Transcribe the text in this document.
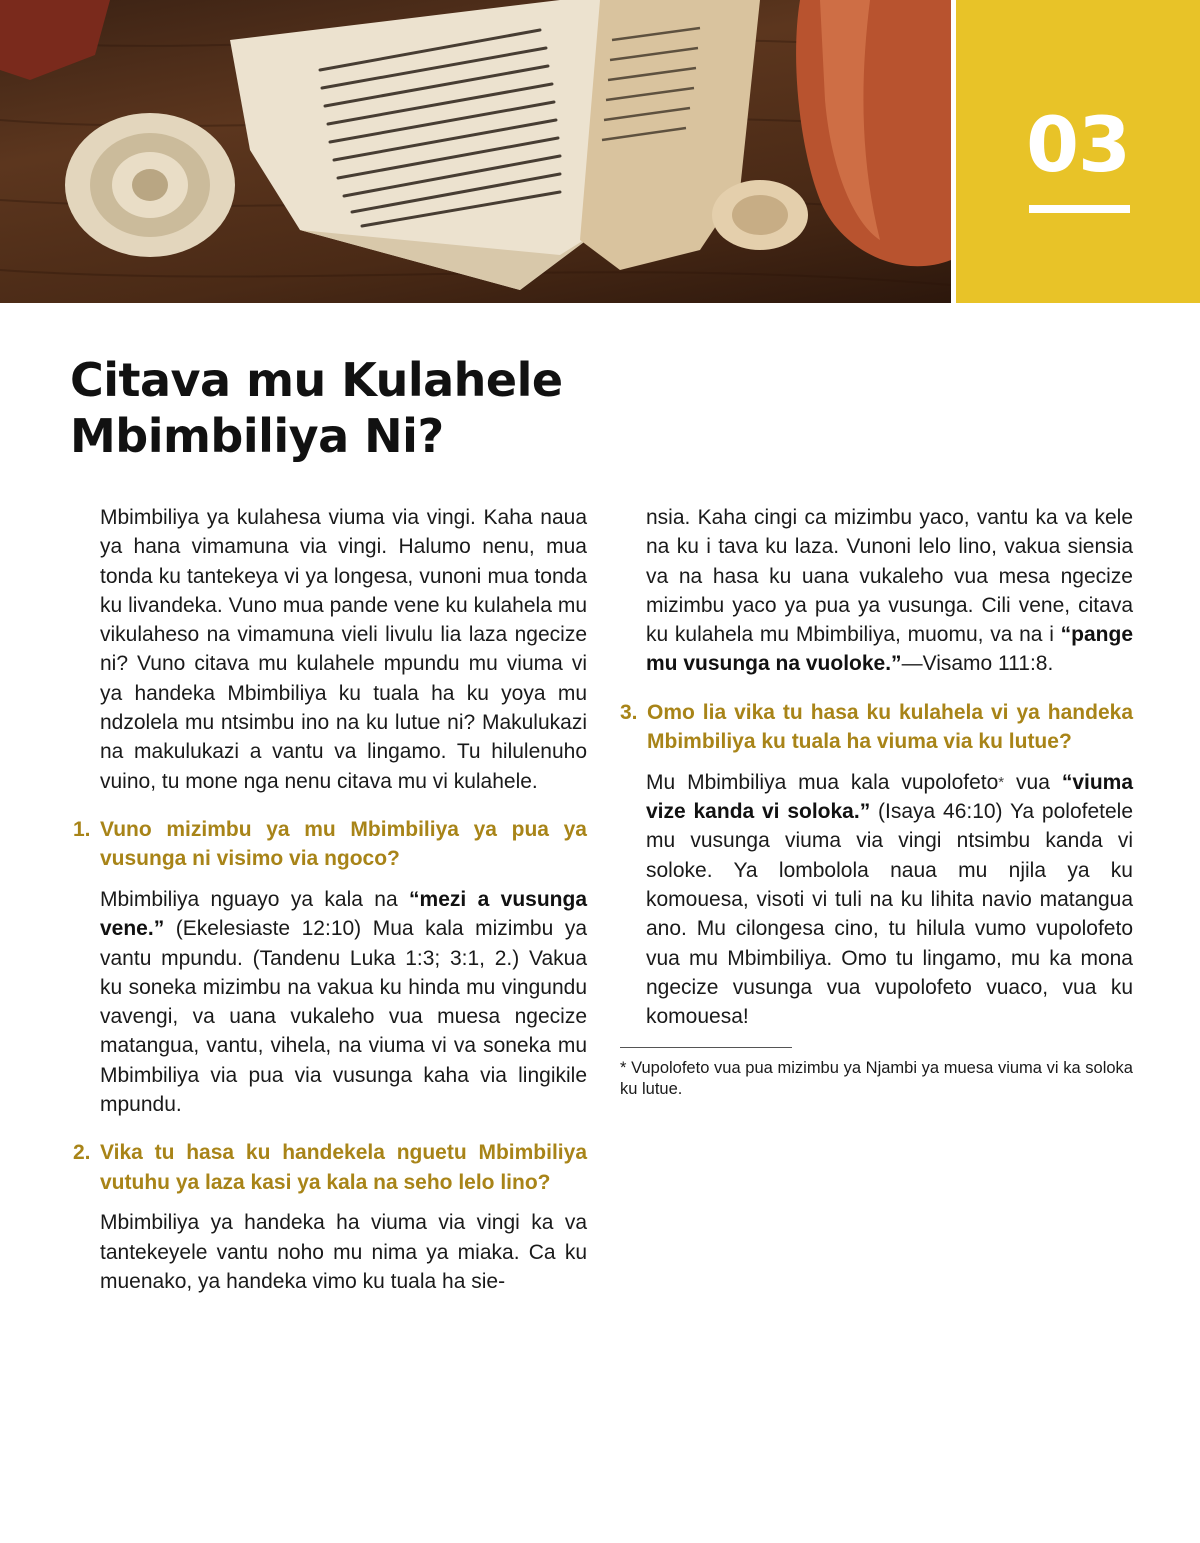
03
Citava mu Kulahele
Mbimbiliya Ni?

Mbimbiliya ya kulahesa viuma via vingi. Kaha naua ya hana vimamuna via vingi. Halumo nenu, mua tonda ku tantekeya vi ya longesa, vunoni mua tonda ku livandeka. Vuno mua pande vene ku kulahela mu vikulaheso na vimamuna vieli livulu lia laza ngecize ni? Vuno citava mu kulahele mpundu mu viuma vi ya handeka Mbimbiliya ku tuala ha ku yoya mu ndzolela mu ntsimbu ino na ku lutue ni? Makulukazi na makulukazi a vantu va lingamo. Tu hilulenuho vuino, tu mone nga nenu citava mu vi kulahele.

1. Vuno mizimbu ya mu Mbimbiliya ya pua ya vusunga ni visimo via ngoco?

Mbimbiliya nguayo ya kala na “mezi a vusunga vene.” (Ekelesiaste 12:10) Mua kala mizimbu ya vantu mpundu. (Tandenu Luka 1:3; 3:1, 2.) Vakua ku soneka mizimbu na vakua ku hinda mu vingundu vavengi, va uana vukaleho vua muesa ngecize matangua, vantu, vihela, na viuma vi va soneka mu Mbimbiliya via pua via vusunga kaha via lingikile mpundu.

2. Vika tu hasa ku handekela nguetu Mbimbiliya vutuhu ya laza kasi ya kala na seho lelo lino?

Mbimbiliya ya handeka ha viuma via vingi ka va tantekeyele vantu noho mu nima ya miaka. Ca ku muenako, ya handeka vimo ku tuala ha sie-

nsia. Kaha cingi ca mizimbu yaco, vantu ka va kele na ku i tava ku laza. Vunoni lelo lino, vakua siensia va na hasa ku uana vukaleho vua mesa ngecize mizimbu yaco ya pua ya vusunga. Cili vene, citava ku kulahela mu Mbimbiliya, muomu, va na i “pange mu vusunga na vuoloke.”—Visamo 111:8.

3. Omo lia vika tu hasa ku kulahela vi ya handeka Mbimbiliya ku tuala ha viuma via ku lutue?

Mu Mbimbiliya mua kala vupolofeto* vua “viuma vize kanda vi soloka.” (Isaya 46:10) Ya polofetele mu vusunga viuma via vingi ntsimbu kanda vi soloke. Ya lombolola naua mu njila ya ku komouesa, visoti vi tuli na ku lihita navio matangua ano. Mu cilongesa cino, tu hilula vumo vupolofeto vua mu Mbimbiliya. Omo tu lingamo, mu ka mona ngecize vusunga vua vupolofeto vuaco, vua ku komouesa!

* Vupolofeto vua pua mizimbu ya Njambi ya muesa viuma vi ka soloka ku lutue.
